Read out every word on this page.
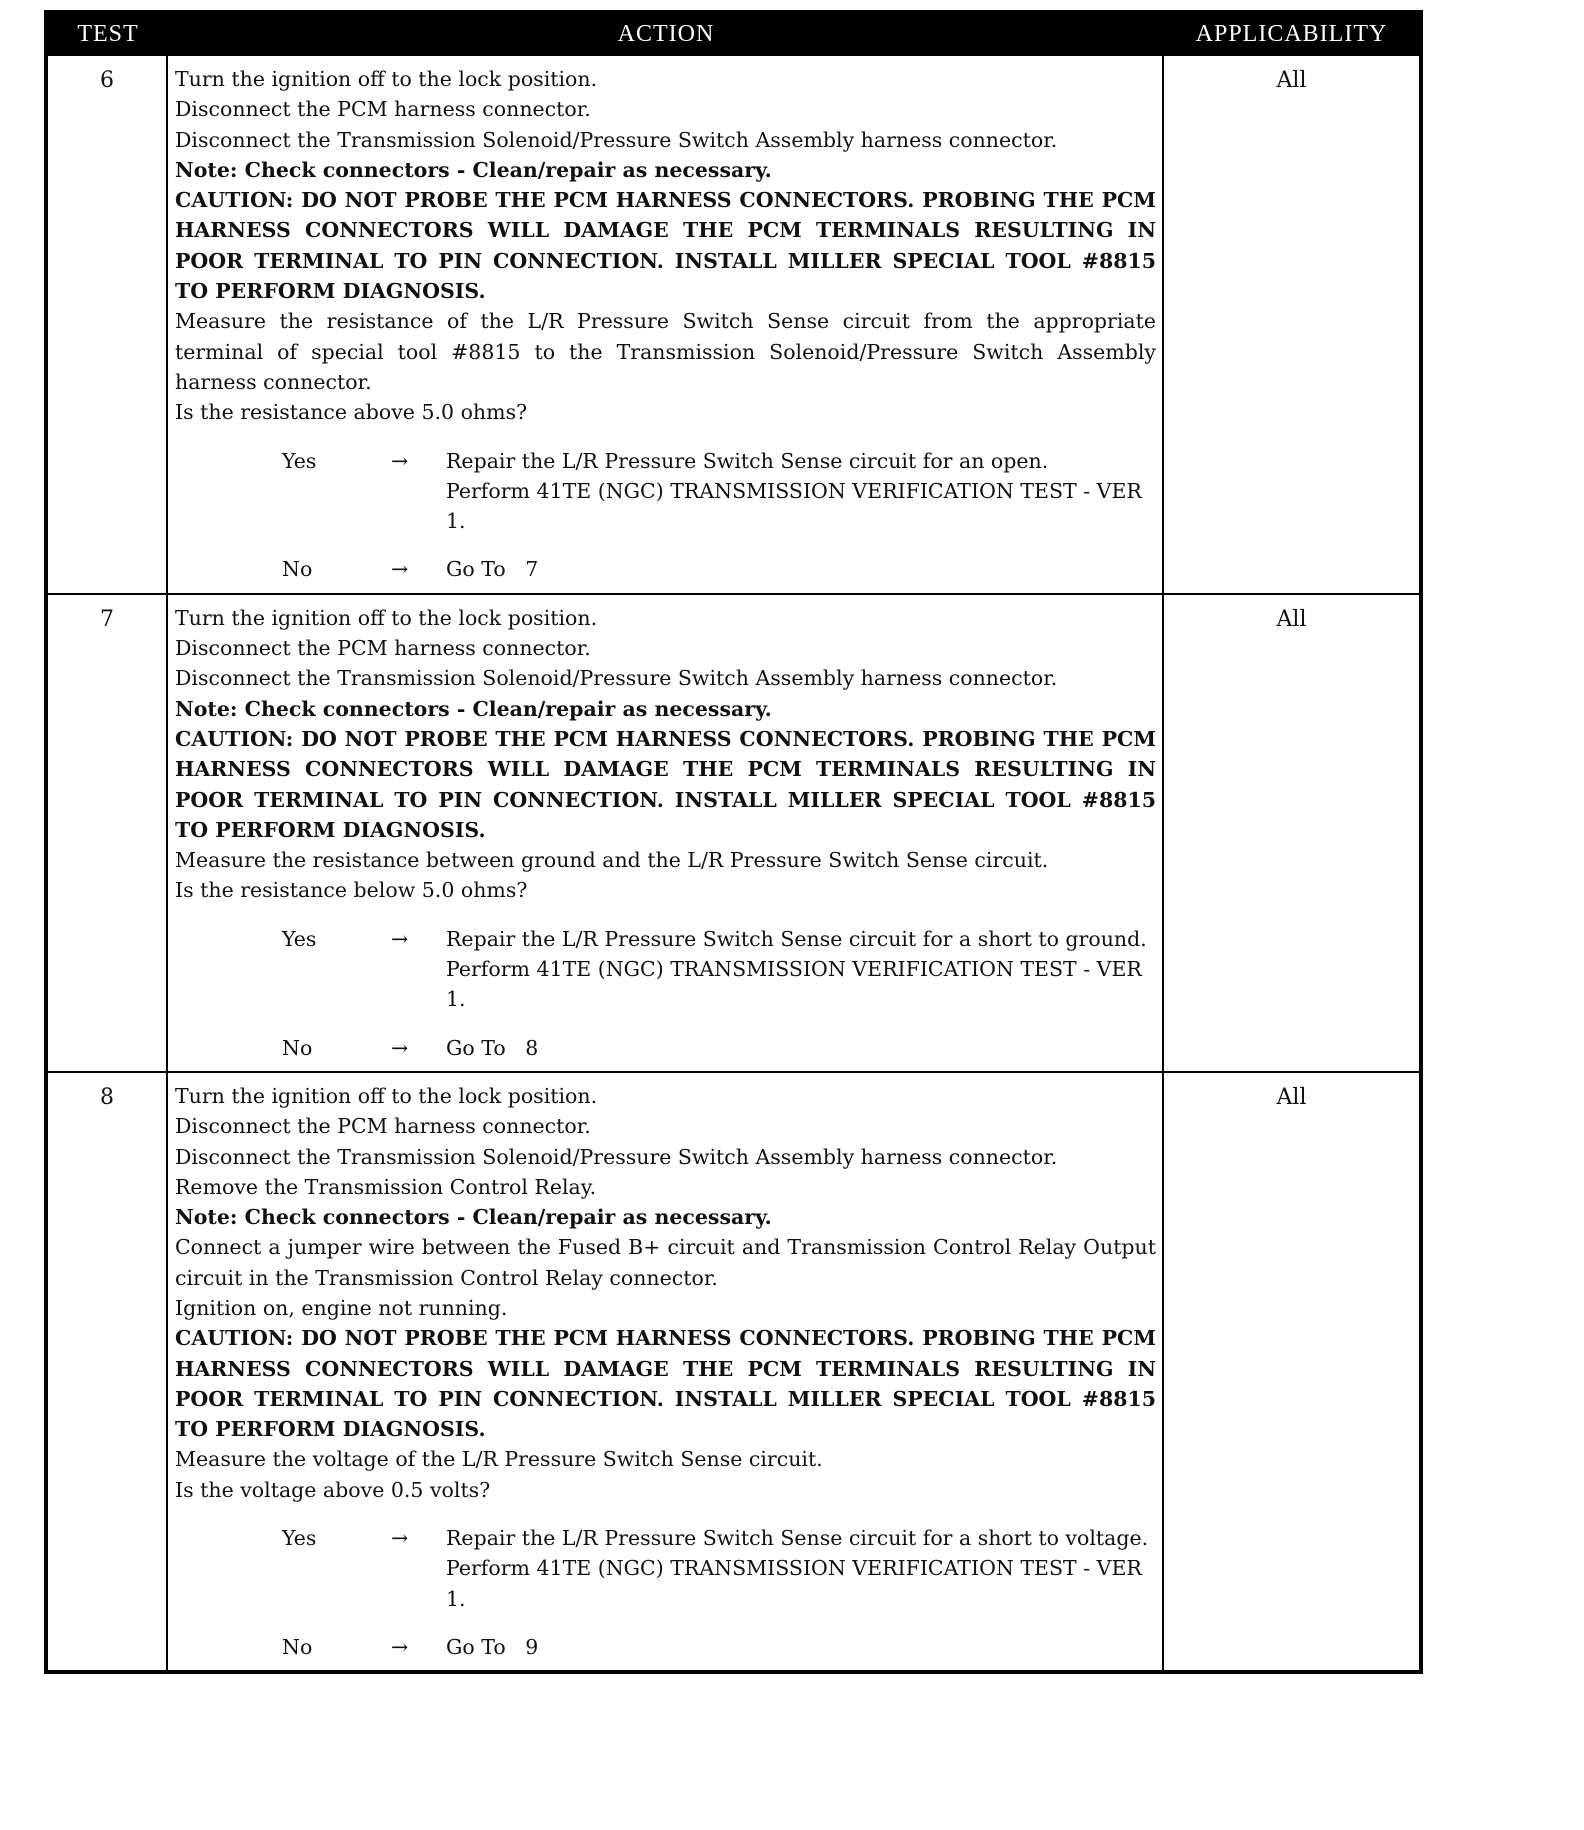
TEST	ACTION	APPLICABILITY
6	Turn the ignition off to the lock position.
Disconnect the PCM harness connector.
Disconnect the Transmission Solenoid/Pressure Switch Assembly harness connector.
Note: Check connectors - Clean/repair as necessary.
CAUTION: DO NOT PROBE THE PCM HARNESS CONNECTORS. PROBING THE PCM HARNESS CONNECTORS WILL DAMAGE THE PCM TERMINALS RESULTING IN POOR TERMINAL TO PIN CONNECTION. INSTALL MILLER SPECIAL TOOL #8815 TO PERFORM DIAGNOSIS.
Measure the resistance of the L/R Pressure Switch Sense circuit from the appropriate terminal of special tool #8815 to the Transmission Solenoid/Pressure Switch Assembly harness connector.
Is the resistance above 5.0 ohms?
Yes	→	Repair the L/R Pressure Switch Sense circuit for an open.
Perform 41TE (NGC) TRANSMISSION VERIFICATION TEST - VER 1.
No	→	Go To   7
All
7	Turn the ignition off to the lock position.
Disconnect the PCM harness connector.
Disconnect the Transmission Solenoid/Pressure Switch Assembly harness connector.
Note: Check connectors - Clean/repair as necessary.
CAUTION: DO NOT PROBE THE PCM HARNESS CONNECTORS. PROBING THE PCM HARNESS CONNECTORS WILL DAMAGE THE PCM TERMINALS RESULTING IN POOR TERMINAL TO PIN CONNECTION. INSTALL MILLER SPECIAL TOOL #8815 TO PERFORM DIAGNOSIS.
Measure the resistance between ground and the L/R Pressure Switch Sense circuit.
Is the resistance below 5.0 ohms?
Yes	→	Repair the L/R Pressure Switch Sense circuit for a short to ground.
Perform 41TE (NGC) TRANSMISSION VERIFICATION TEST - VER 1.
No	→	Go To   8
All
8	Turn the ignition off to the lock position.
Disconnect the PCM harness connector.
Disconnect the Transmission Solenoid/Pressure Switch Assembly harness connector.
Remove the Transmission Control Relay.
Note: Check connectors - Clean/repair as necessary.
Connect a jumper wire between the Fused B+ circuit and Transmission Control Relay Output circuit in the Transmission Control Relay connector.
Ignition on, engine not running.
CAUTION: DO NOT PROBE THE PCM HARNESS CONNECTORS. PROBING THE PCM HARNESS CONNECTORS WILL DAMAGE THE PCM TERMINALS RESULTING IN POOR TERMINAL TO PIN CONNECTION. INSTALL MILLER SPECIAL TOOL #8815 TO PERFORM DIAGNOSIS.
Measure the voltage of the L/R Pressure Switch Sense circuit.
Is the voltage above 0.5 volts?
Yes	→	Repair the L/R Pressure Switch Sense circuit for a short to voltage.
Perform 41TE (NGC) TRANSMISSION VERIFICATION TEST - VER 1.
No	→	Go To   9
All
